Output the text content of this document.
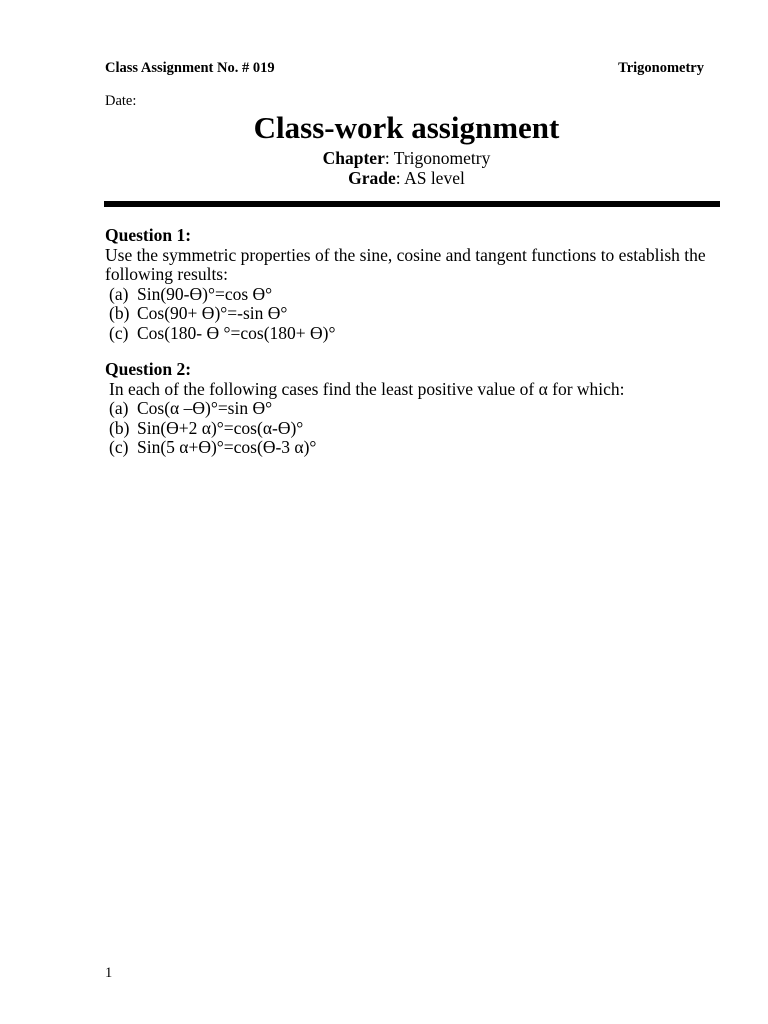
Class Assignment No. # 019	Trigonometry
Date:
Class-work assignment
Chapter: Trigonometry
Grade: AS level

Question 1:

Use the symmetric properties of the sine, cosine and tangent functions to establish the following results:

(a) Sin(90-Ɵ)°=cos Ɵ°
(b) Cos(90+ Ɵ)°=-sin Ɵ°
(c) Cos(180- Ɵ °=cos(180+ Ɵ)°

Question 2:

In each of the following cases find the least positive value of α for which:

(a) Cos(α –Ɵ)°=sin Ɵ°
(b) Sin(Ɵ+2 α)°=cos(α-Ɵ)°
(c) Sin(5 α+Ɵ)°=cos(Ɵ-3 α)°
1
